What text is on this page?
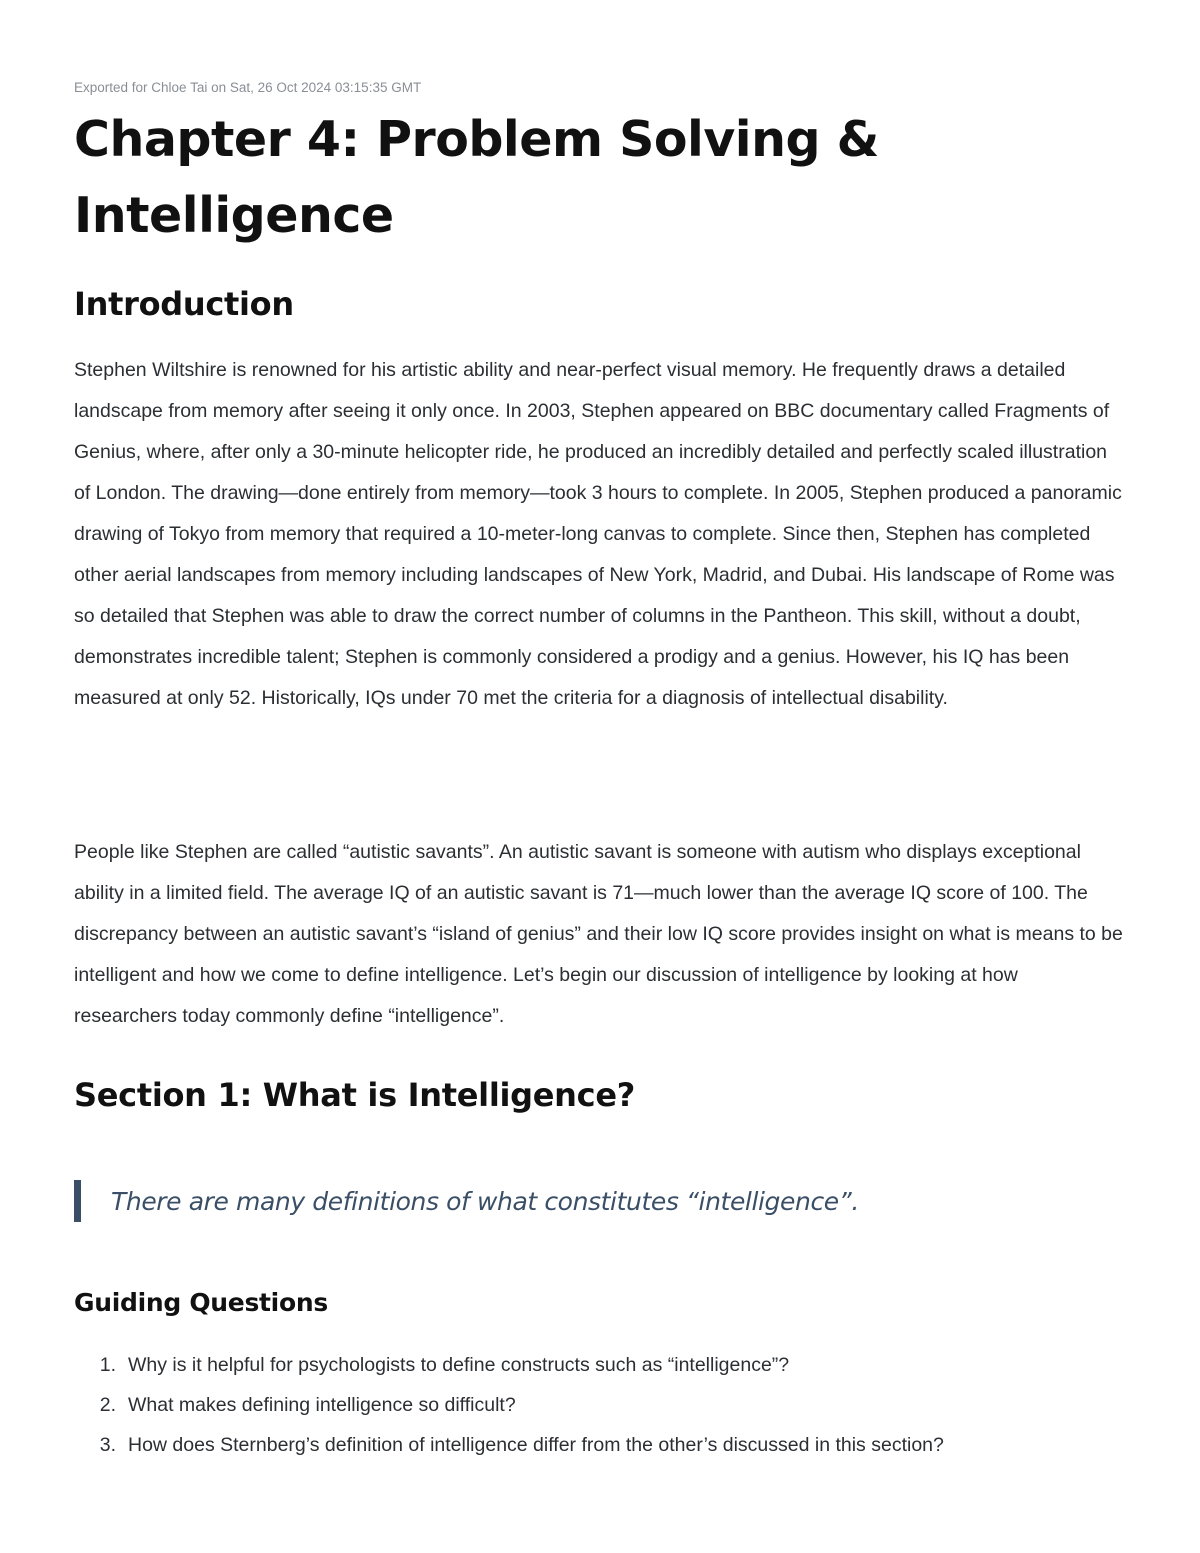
Exported for Chloe Tai on Sat, 26 Oct 2024 03:15:35 GMT
Chapter 4: Problem Solving & Intelligence
Introduction

Stephen Wiltshire is renowned for his artistic ability and near-perfect visual memory. He frequently draws a detailed landscape from memory after seeing it only once. In 2003, Stephen appeared on BBC documentary called Fragments of Genius, where, after only a 30-minute helicopter ride, he produced an incredibly detailed and perfectly scaled illustration of London. The drawing—done entirely from memory—took 3 hours to complete. In 2005, Stephen produced a panoramic drawing of Tokyo from memory that required a 10-meter-long canvas to complete. Since then, Stephen has completed other aerial landscapes from memory including landscapes of New York, Madrid, and Dubai. His landscape of Rome was so detailed that Stephen was able to draw the correct number of columns in the Pantheon. This skill, without a doubt, demonstrates incredible talent; Stephen is commonly considered a prodigy and a genius. However, his IQ has been measured at only 52. Historically, IQs under 70 met the criteria for a diagnosis of intellectual disability.

People like Stephen are called “autistic savants”. An autistic savant is someone with autism who displays exceptional ability in a limited field. The average IQ of an autistic savant is 71—much lower than the average IQ score of 100. The discrepancy between an autistic savant’s “island of genius” and their low IQ score provides insight on what is means to be intelligent and how we come to define intelligence. Let’s begin our discussion of intelligence by looking at how researchers today commonly define “intelligence”.

Section 1: What is Intelligence?
There are many definitions of what constitutes “intelligence”.
Guiding Questions
1. Why is it helpful for psychologists to define constructs such as “intelligence”?
2. What makes defining intelligence so difficult?
3. How does Sternberg’s definition of intelligence differ from the other’s discussed in this section?
